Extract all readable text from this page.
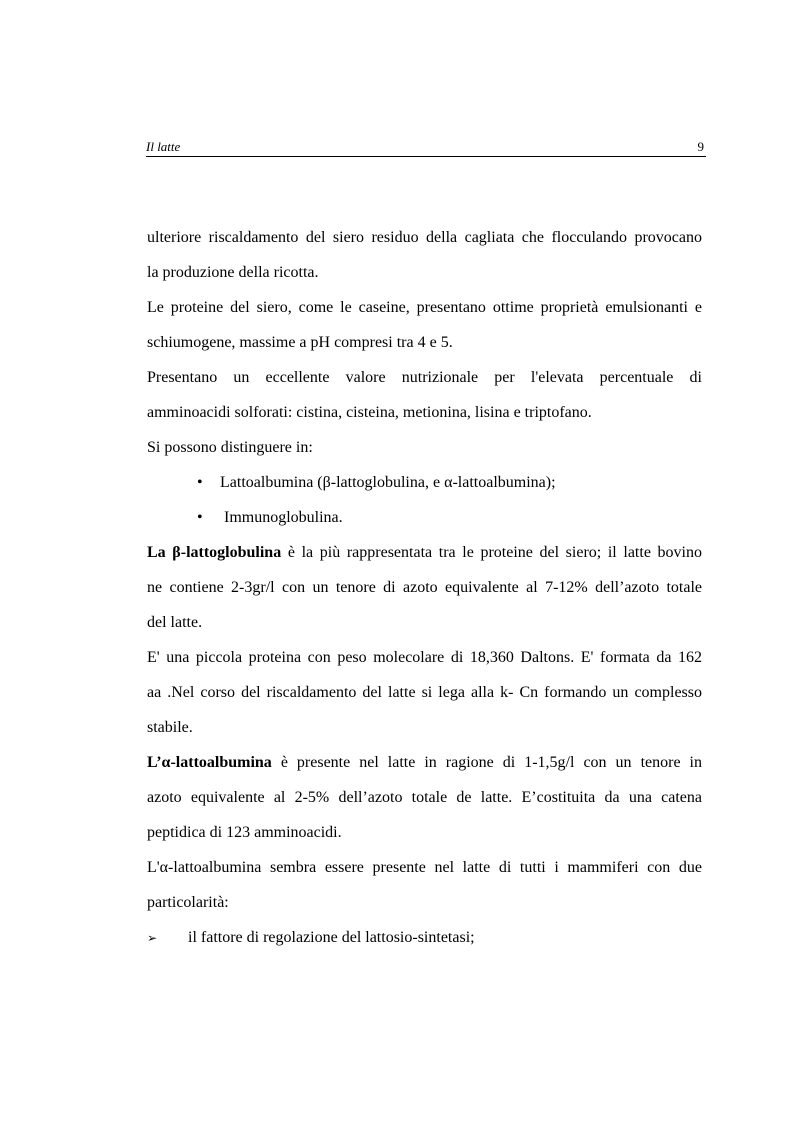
Il latte	9
ulteriore riscaldamento del siero residuo della cagliata che flocculando provocano
la produzione della ricotta.
Le proteine del siero, come le caseine, presentano ottime proprietà emulsionanti e
schiumogene, massime a pH compresi tra 4 e 5.
Presentano un eccellente valore nutrizionale per l'elevata percentuale di
amminoacidi solforati: cistina, cisteina, metionina, lisina e triptofano.
Si possono distinguere in:
• Lattoalbumina (β-lattoglobulina, e α-lattoalbumina);
• Immunoglobulina.
La β-lattoglobulina è la più rappresentata tra le proteine del siero; il latte bovino
ne contiene 2-3gr/l con un tenore di azoto equivalente al 7-12% dell’azoto totale
del latte.
E' una piccola proteina con peso molecolare di 18,360 Daltons. E' formata da 162
aa .Nel corso del riscaldamento del latte si lega alla k- Cn formando un complesso
stabile.
L’α-lattoalbumina è presente nel latte in ragione di 1-1,5g/l con un tenore in
azoto equivalente al 2-5% dell’azoto totale de latte. E’costituita da una catena
peptidica di 123 amminoacidi.
L'α-lattoalbumina sembra essere presente nel latte di tutti i mammiferi con due
particolarità:
➢ il fattore di regolazione del lattosio-sintetasi;
